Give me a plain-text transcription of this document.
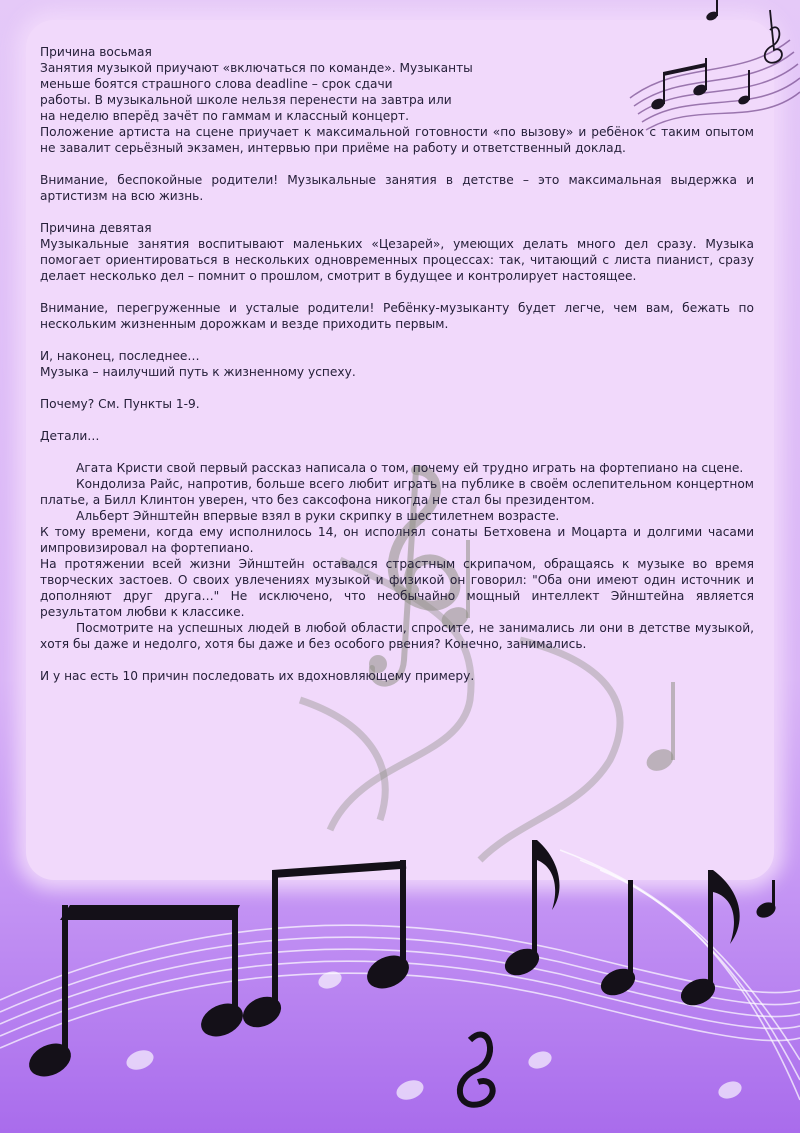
Причина восьмая

Занятия музыкой приучают «включаться по команде». Музыканты

меньше боятся страшного слова deadline – срок сдачи

работы. В музыкальной школе нельзя перенести на завтра или

на неделю вперёд зачёт по гаммам и классный концерт.

Положение артиста на сцене приучает к максимальной готовности «по вызову» и ребёнок с таким опытом не завалит серьёзный экзамен, интервью при приёме на работу и ответственный доклад.

Внимание, беспокойные родители! Музыкальные занятия в детстве – это максимальная выдержка и артистизм на всю жизнь.

Причина девятая

Музыкальные занятия воспитывают маленьких «Цезарей», умеющих делать много дел сразу. Музыка помогает ориентироваться в нескольких одновременных процессах: так, читающий с листа пианист, сразу делает несколько дел – помнит о прошлом, смотрит в будущее и контролирует настоящее.

Внимание, перегруженные и усталые родители! Ребёнку-музыканту будет легче, чем вам, бежать по нескольким жизненным дорожкам и везде приходить первым.

И, наконец, последнее…

Музыка – наилучший путь к жизненному успеху.

Почему? См. Пункты 1-9.

Детали…

Агата Кристи свой первый рассказ написала о том, почему ей трудно играть на фортепиано на сцене.

Кондолиза Райс, напротив, больше всего любит играть на публике в своём ослепительном концертном платье, а Билл Клинтон уверен, что без саксофона никогда не стал бы президентом.

Альберт Эйнштейн впервые взял в руки скрипку в шестилетнем возрасте.

К тому времени, когда ему исполнилось 14, он исполнял сонаты Бетховена и Моцарта и долгими часами импровизировал на фортепиано.

На протяжении всей жизни Эйнштейн оставался страстным скрипачом, обращаясь к музыке во время творческих застоев. О своих увлечениях музыкой и физикой он говорил: "Оба они имеют один источник и дополняют друг друга…" Не исключено, что необычайно мощный интеллект Эйнштейна является результатом любви к классике.

Посмотрите на успешных людей в любой области, спросите, не занимались ли они в детстве музыкой, хотя бы даже и недолго, хотя бы даже и без особого рвения? Конечно, занимались.

И у нас есть 10 причин последовать их вдохновляющему примеру.
